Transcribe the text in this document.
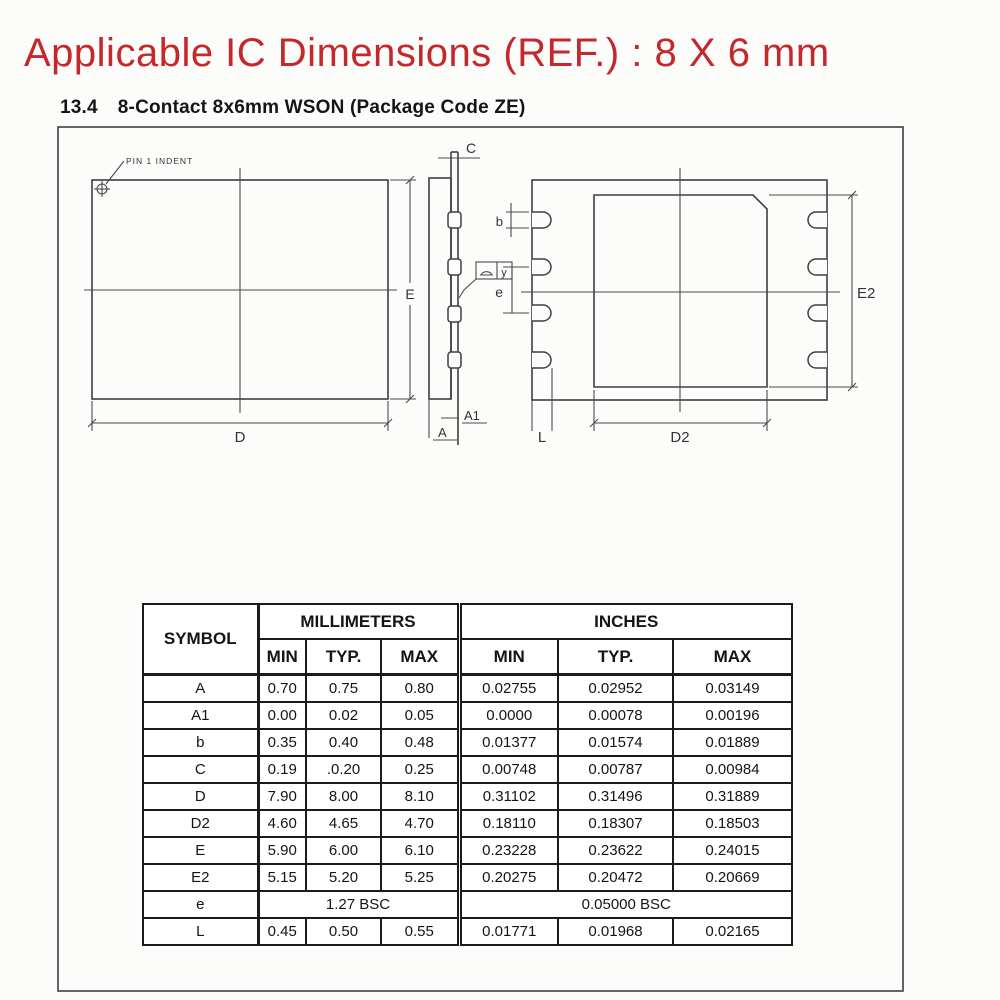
Applicable IC Dimensions (REF.) : 8 X 6 mm
13.4 8-Contact 8x6mm WSON (Package Code ZE)
PIN 1 INDENT
E
D
C
A1
A
b
y
e	E2
D2
L
SYMBOL	MILLIMETERS			INCHES		
	MIN	TYP.	MAX	MIN	TYP.	MAX
A	0.70	0.75	0.80	0.02755	0.02952	0.03149
A1	0.00	0.02	0.05	0.0000	0.00078	0.00196
b	0.35	0.40	0.48	0.01377	0.01574	0.01889
C	0.19	.0.20	0.25	0.00748	0.00787	0.00984
D	7.90	8.00	8.10	0.31102	0.31496	0.31889
D2	4.60	4.65	4.70	0.18110	0.18307	0.18503
E	5.90	6.00	6.10	0.23228	0.23622	0.24015
E2	5.15	5.20	5.25	0.20275	0.20472	0.20669
e	1.27 BSC			0.05000 BSC		
L	0.45	0.50	0.55	0.01771	0.01968	0.02165
